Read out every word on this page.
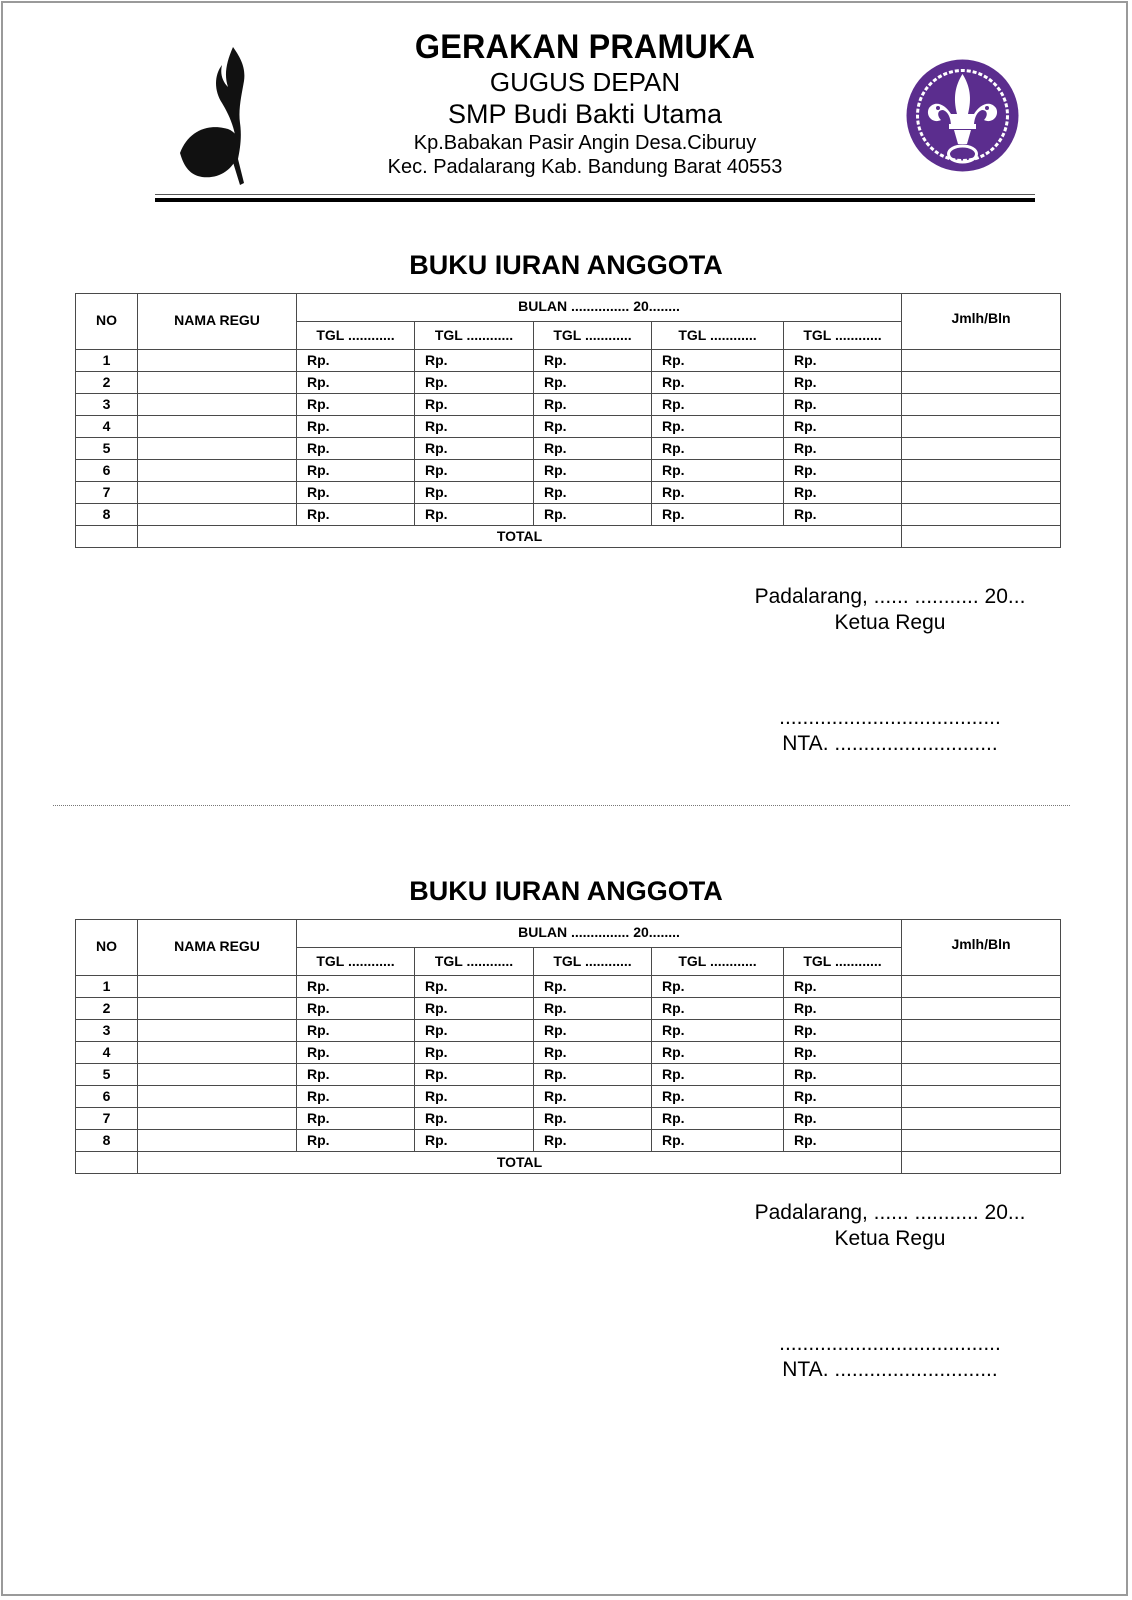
GERAKAN PRAMUKA
GUGUS DEPAN
SMP Budi Bakti Utama
Kp.Babakan Pasir Angin Desa.Ciburuy
Kec. Padalarang Kab. Bandung Barat 40553
BUKU IURAN ANGGOTA
NO	NAMA REGU	BULAN ............... 20........					Jmlh/Bln
		TGL ............	TGL ............	TGL ............	TGL ............	TGL ............	
1		Rp.	Rp.	Rp.	Rp.	Rp.	
2		Rp.	Rp.	Rp.	Rp.	Rp.	
3		Rp.	Rp.	Rp.	Rp.	Rp.	
4		Rp.	Rp.	Rp.	Rp.	Rp.	
5		Rp.	Rp.	Rp.	Rp.	Rp.	
6		Rp.	Rp.	Rp.	Rp.	Rp.	
7		Rp.	Rp.	Rp.	Rp.	Rp.	
8		Rp.	Rp.	Rp.	Rp.	Rp.	
	TOTAL						
Padalarang, ...... ........... 20...
Ketua Regu
......................................
NTA. ............................
BUKU IURAN ANGGOTA
NO	NAMA REGU	BULAN ............... 20........					Jmlh/Bln
		TGL ............	TGL ............	TGL ............	TGL ............	TGL ............	
1		Rp.	Rp.	Rp.	Rp.	Rp.	
2		Rp.	Rp.	Rp.	Rp.	Rp.	
3		Rp.	Rp.	Rp.	Rp.	Rp.	
4		Rp.	Rp.	Rp.	Rp.	Rp.	
5		Rp.	Rp.	Rp.	Rp.	Rp.	
6		Rp.	Rp.	Rp.	Rp.	Rp.	
7		Rp.	Rp.	Rp.	Rp.	Rp.	
8		Rp.	Rp.	Rp.	Rp.	Rp.	
	TOTAL						
Padalarang, ...... ........... 20...
Ketua Regu
......................................
NTA. ............................
